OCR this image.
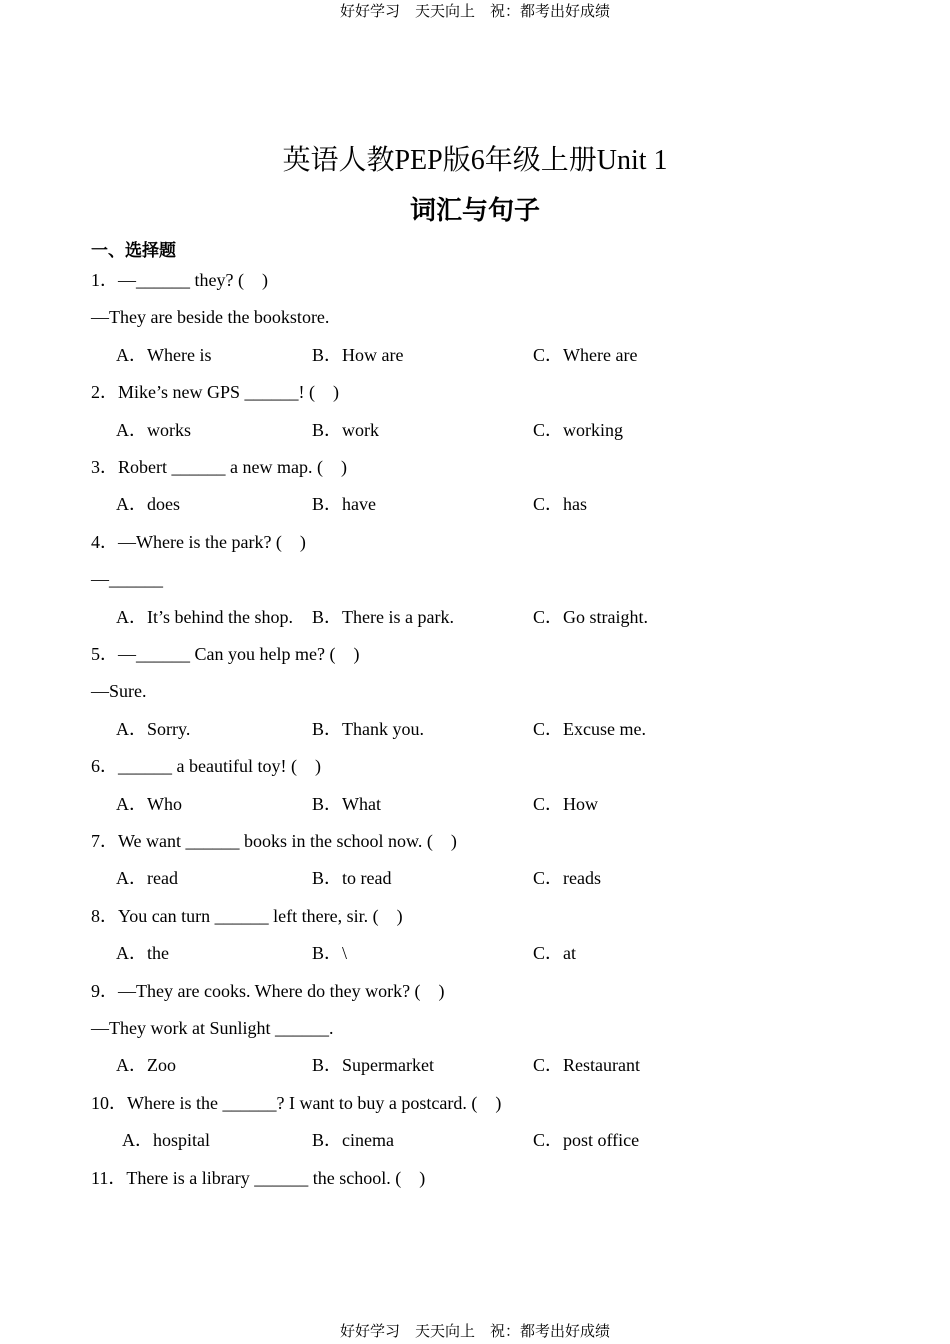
好好学习　天天向上　祝：都考出好成绩
英语人教PEP版6年级上册Unit 1
词汇与句子
一、选择题
1．—______ they? (　)
—They are beside the bookstore.
A．Where is	B．How are	C．Where are
2．Mike’s new GPS ______! (　)
A．works	B．work	C．working
3．Robert ______ a new map. (　)
A．does	B．have	C．has
4．—Where is the park? (　)
—______
A．It’s behind the shop. B．There is a park.	C．Go straight.
5．—______ Can you help me? (　)
—Sure.
A．Sorry.	B．Thank you.	C．Excuse me.
6．______ a beautiful toy! (　)
A．Who	B．What	C．How
7．We want ______ books in the school now. (　)
A．read	B．to read	C．reads
8．You can turn ______ left there, sir. (　)
A．the	B．\	C．at
9．—They are cooks. Where do they work? (　)
—They work at Sunlight ______.
A．Zoo	B．Supermarket	C．Restaurant
10．Where is the ______? I want to buy a postcard. (　)
A．hospital	B．cinema	C．post office
11．There is a library ______ the school. (　)
好好学习　天天向上　祝：都考出好成绩
